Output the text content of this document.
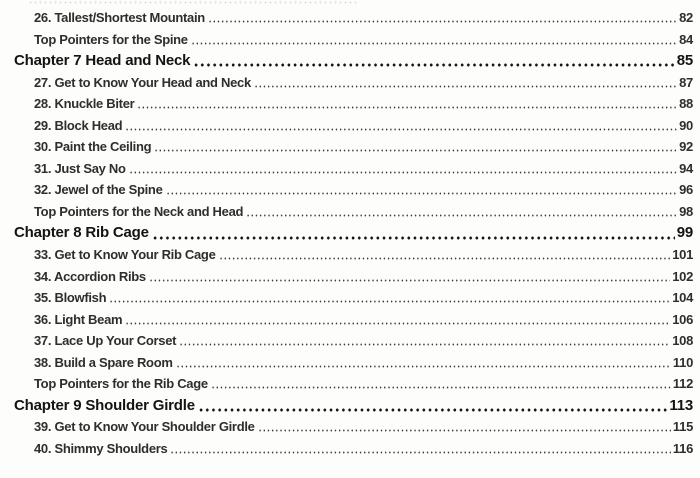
26. Tallest/Shortest Mountain	82
Top Pointers for the Spine	84
Chapter 7 Head and Neck	85
27. Get to Know Your Head and Neck	87
28. Knuckle Biter	88
29. Block Head	90
30. Paint the Ceiling	92
31. Just Say No	94
32. Jewel of the Spine	96
Top Pointers for the Neck and Head	98
Chapter 8 Rib Cage	99
33. Get to Know Your Rib Cage	101
34. Accordion Ribs	102
35. Blowfish	104
36. Light Beam	106
37. Lace Up Your Corset	108
38. Build a Spare Room	110
Top Pointers for the Rib Cage	112
Chapter 9 Shoulder Girdle	113
39. Get to Know Your Shoulder Girdle	115
40. Shimmy Shoulders	116
